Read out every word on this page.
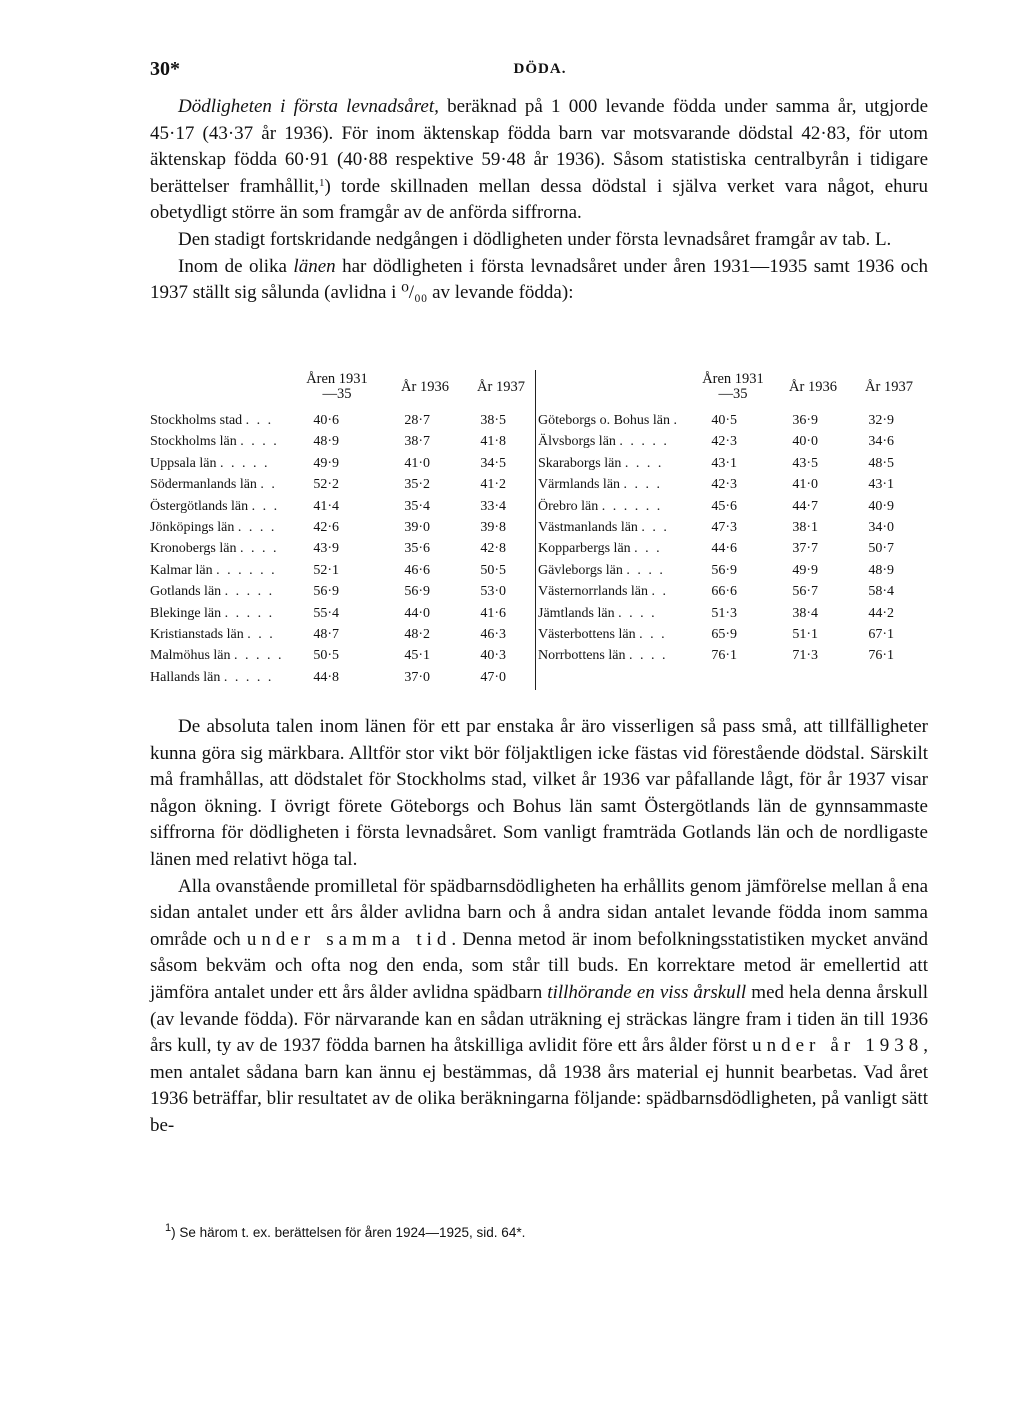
30*	DÖDA.

Dödligheten i första levnadsåret, beräknad på 1 000 levande födda under samma år, utgjorde 45·17 (43·37 år 1936). För inom äktenskap födda barn var motsvarande dödstal 42·83, för utom äktenskap födda 60·91 (40·88 respektive 59·48 år 1936). Såsom statistiska centralbyrån i tidigare berättelser framhållit,$^1$) torde skillnaden mellan dessa dödstal i själva verket vara något, ehuru obetydligt större än som framgår av de anförda siffrorna.

Den stadigt fortskridande nedgången i dödligheten under första levnadsåret framgår av tab. L.

Inom de olika länen har dödligheten i första levnadsåret under åren 1931—1935 samt 1936 och 1937 ställt sig sålunda (avlidna i ⁰/₀₀ av levande födda):

Åren 1931 —35	År 1936	År 1937
Stockholms stad . . .	40·6	28·7	38·5
Stockholms län . . . .	48·9	38·7	41·8
Uppsala län . . . . .	49·9	41·0	34·5
Södermanlands län . .	52·2	35·2	41·2
Östergötlands län . . .	41·4	35·4	33·4
Jönköpings län . . . .	42·6	39·0	39·8
Kronobergs län . . . .	43·9	35·6	42·8
Kalmar län . . . . . .	52·1	46·6	50·5
Gotlands län . . . . .	56·9	56·9	53·0
Blekinge län . . . . .	55·4	44·0	41·6
Kristianstads län . . .	48·7	48·2	46·3
Malmöhus län . . . . .	50·5	45·1	40·3
Hallands län . . . . .	44·8	37·0	47·0
Åren 1931 —35	År 1936	År 1937
Göteborgs o. Bohus län .	40·5	36·9	32·9
Älvsborgs län . . . . .	42·3	40·0	34·6
Skaraborgs län . . . .	43·1	43·5	48·5
Värmlands län . . . .	42·3	41·0	43·1
Örebro län . . . . . .	45·6	44·7	40·9
Västmanlands län . . .	47·3	38·1	34·0
Kopparbergs län . . .	44·6	37·7	50·7
Gävleborgs län . . . .	56·9	49·9	48·9
Västernorrlands län . .	66·6	56·7	58·4
Jämtlands län . . . .	51·3	38·4	44·2
Västerbottens län . . .	65·9	51·1	67·1
Norrbottens län . . . .	76·1	71·3	76·1

De absoluta talen inom länen för ett par enstaka år äro visserligen så pass små, att tillfälligheter kunna göra sig märkbara. Alltför stor vikt bör följaktligen icke fästas vid förestående dödstal. Särskilt må framhållas, att dödstalet för Stockholms stad, vilket år 1936 var påfallande lågt, för år 1937 visar någon ökning. I övrigt förete Göteborgs och Bohus län samt Östergötlands län de gynnsammaste siffrorna för dödligheten i första levnadsåret. Som vanligt framträda Gotlands län och de nordligaste länen med relativt höga tal.

Alla ovanstående promilletal för spädbarnsdödligheten ha erhållits genom jämförelse mellan å ena sidan antalet under ett års ålder avlidna barn och å andra sidan antalet levande födda inom samma område och under samma tid. Denna metod är inom befolkningsstatistiken mycket använd såsom bekväm och ofta nog den enda, som står till buds. En korrektare metod är emellertid att jämföra antalet under ett års ålder avlidna spädbarn tillhörande en viss årskull med hela denna årskull (av levande födda). För närvarande kan en sådan uträkning ej sträckas längre fram i tiden än till 1936 års kull, ty av de 1937 födda barnen ha åtskilliga avlidit före ett års ålder först under år 1938, men antalet sådana barn kan ännu ej bestämmas, då 1938 års material ej hunnit bearbetas. Vad året 1936 beträffar, blir resultatet av de olika beräkningarna följande: spädbarnsdödligheten, på vanligt sätt be-

$^1$) Se härom t. ex. berättelsen för åren 1924—1925, sid. 64*.
